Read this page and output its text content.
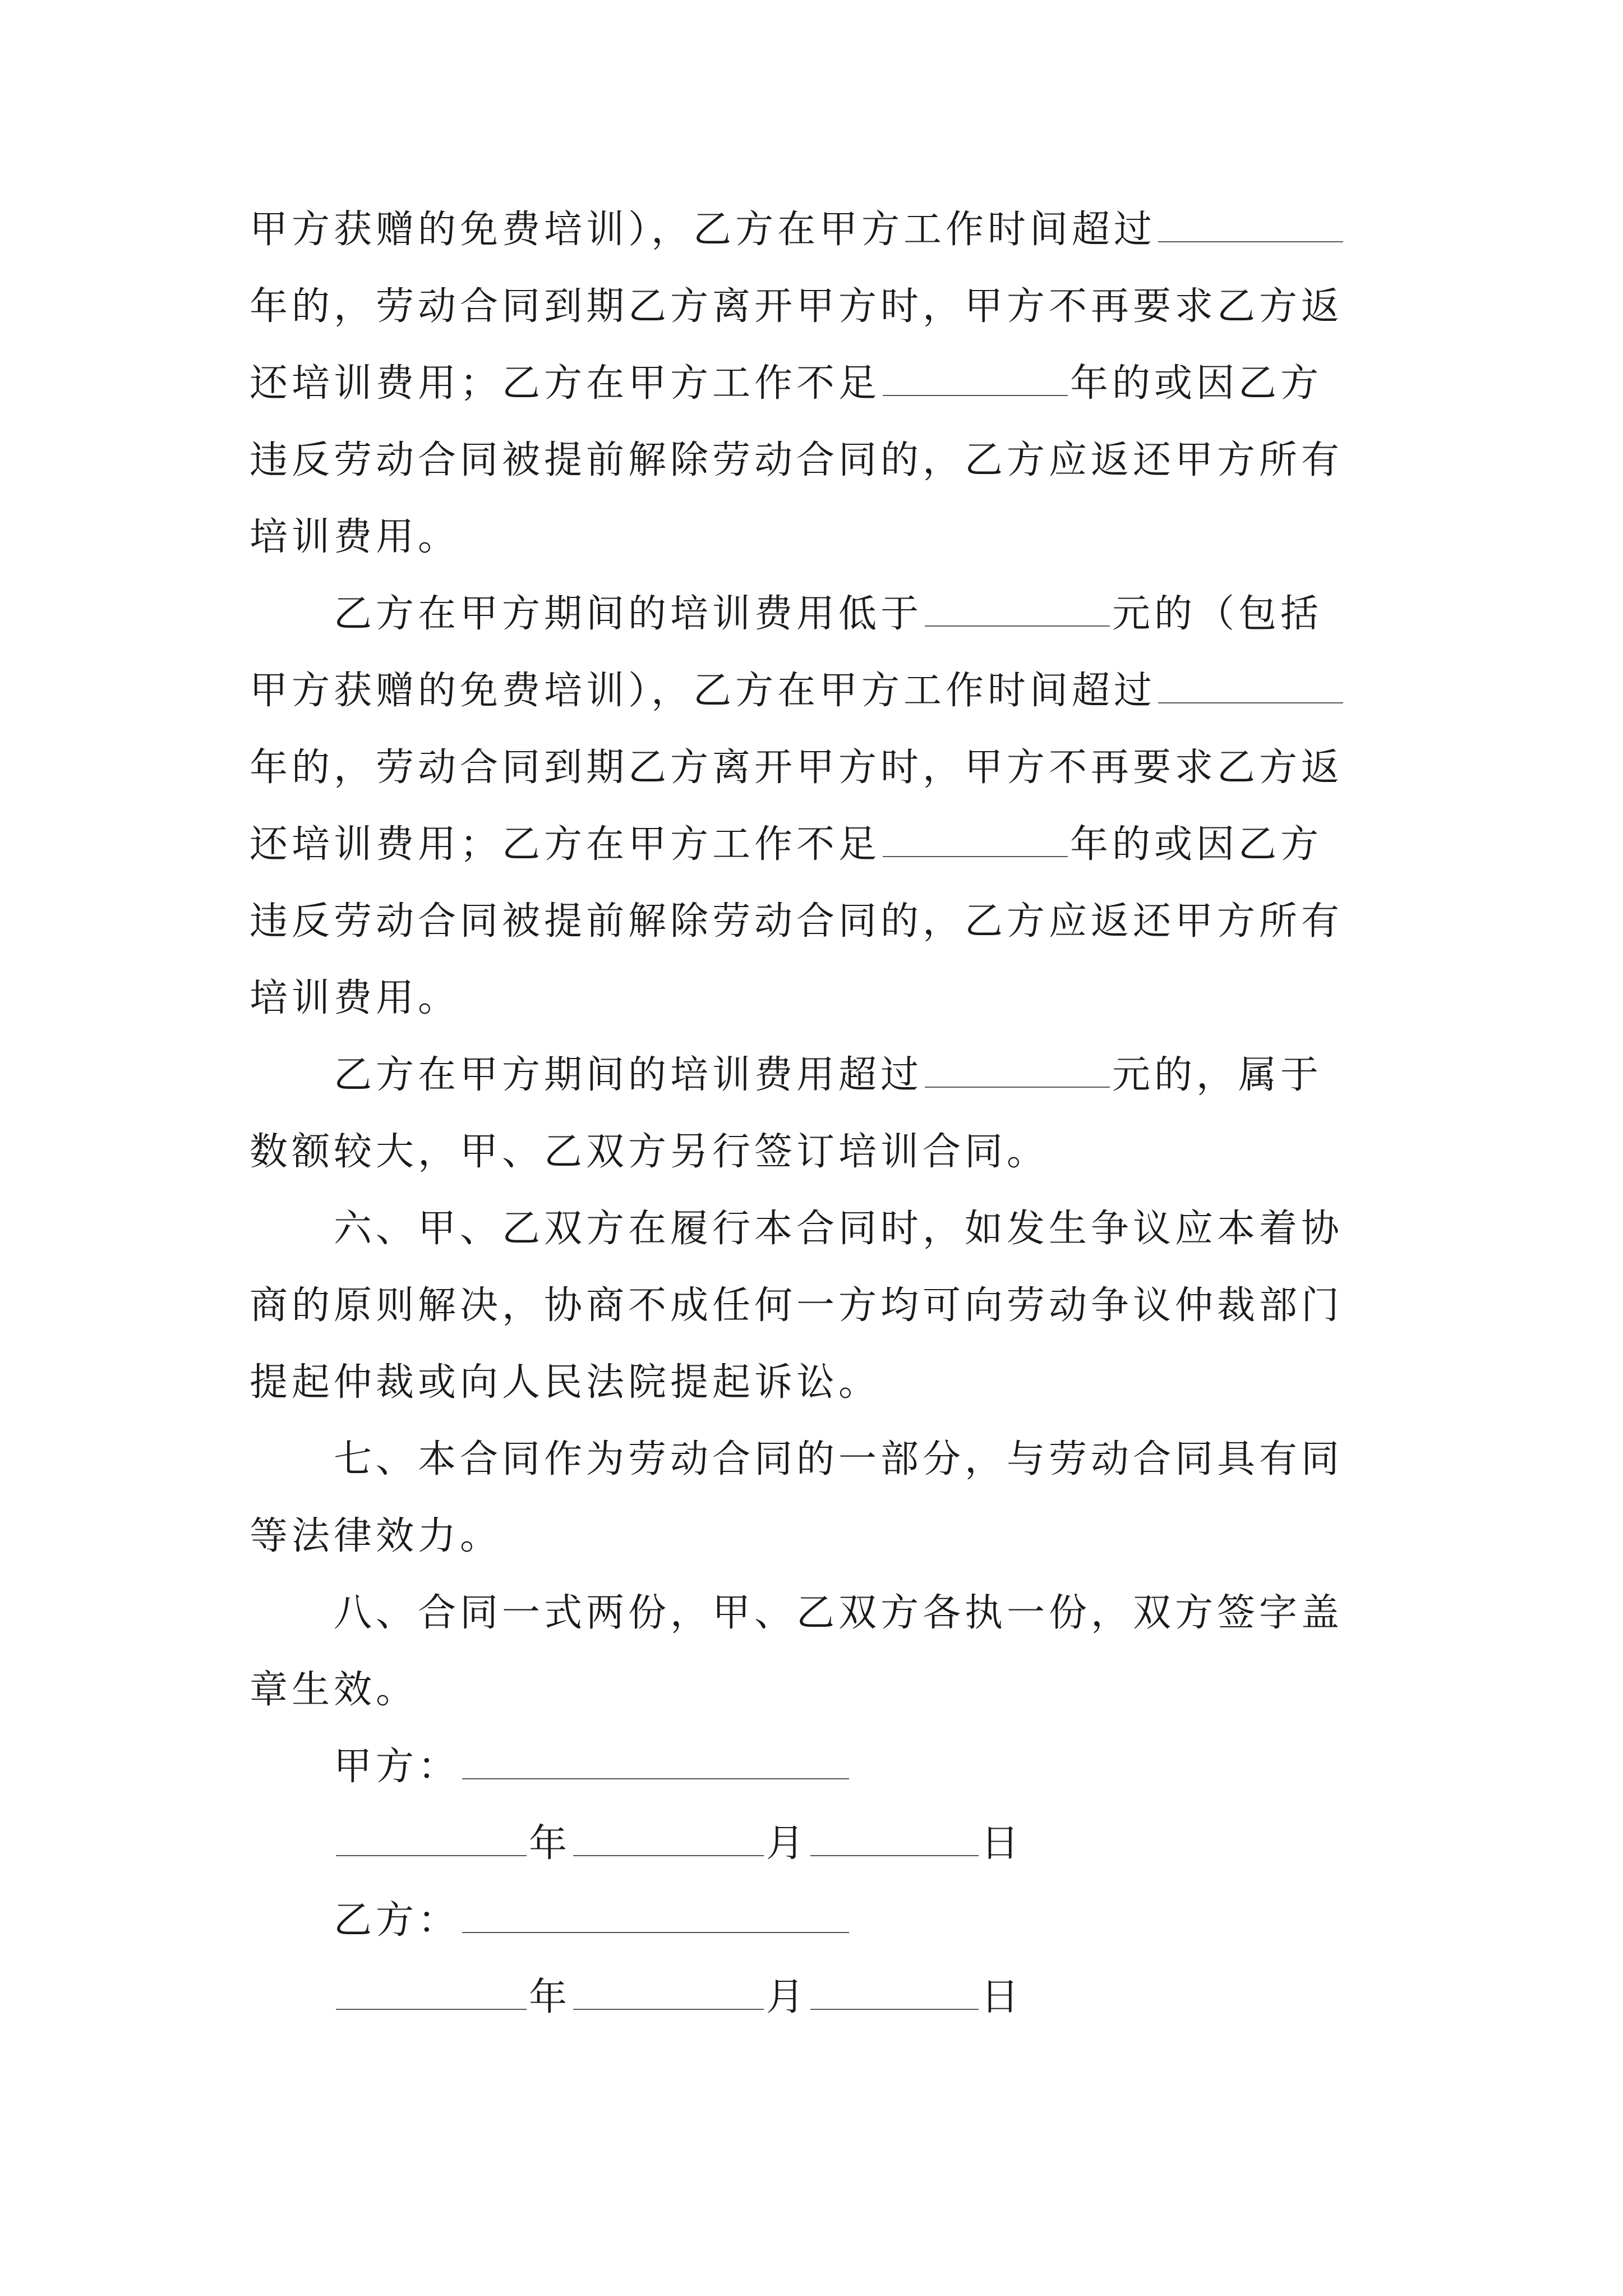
甲方获赠的免费培训），乙方在甲方工作时间超过
年的，劳动合同到期乙方离开甲方时，甲方不再要求乙方返
还培训费用；乙方在甲方工作不足	年的或因乙方
违反劳动合同被提前解除劳动合同的，乙方应返还甲方所有
培训费用。
乙方在甲方期间的培训费用低于	元的（包括
甲方获赠的免费培训），乙方在甲方工作时间超过
年的，劳动合同到期乙方离开甲方时，甲方不再要求乙方返
还培训费用；乙方在甲方工作不足	年的或因乙方
违反劳动合同被提前解除劳动合同的，乙方应返还甲方所有
培训费用。
乙方在甲方期间的培训费用超过	元的，属于
数额较大，甲、乙双方另行签订培训合同。
六、甲、乙双方在履行本合同时，如发生争议应本着协
商的原则解决，协商不成任何一方均可向劳动争议仲裁部门
提起仲裁或向人民法院提起诉讼。
七、本合同作为劳动合同的一部分，与劳动合同具有同
等法律效力。
八、合同一式两份，甲、乙双方各执一份，双方签字盖
章生效。
甲方：
年	月	日
乙方：
年	月	日
